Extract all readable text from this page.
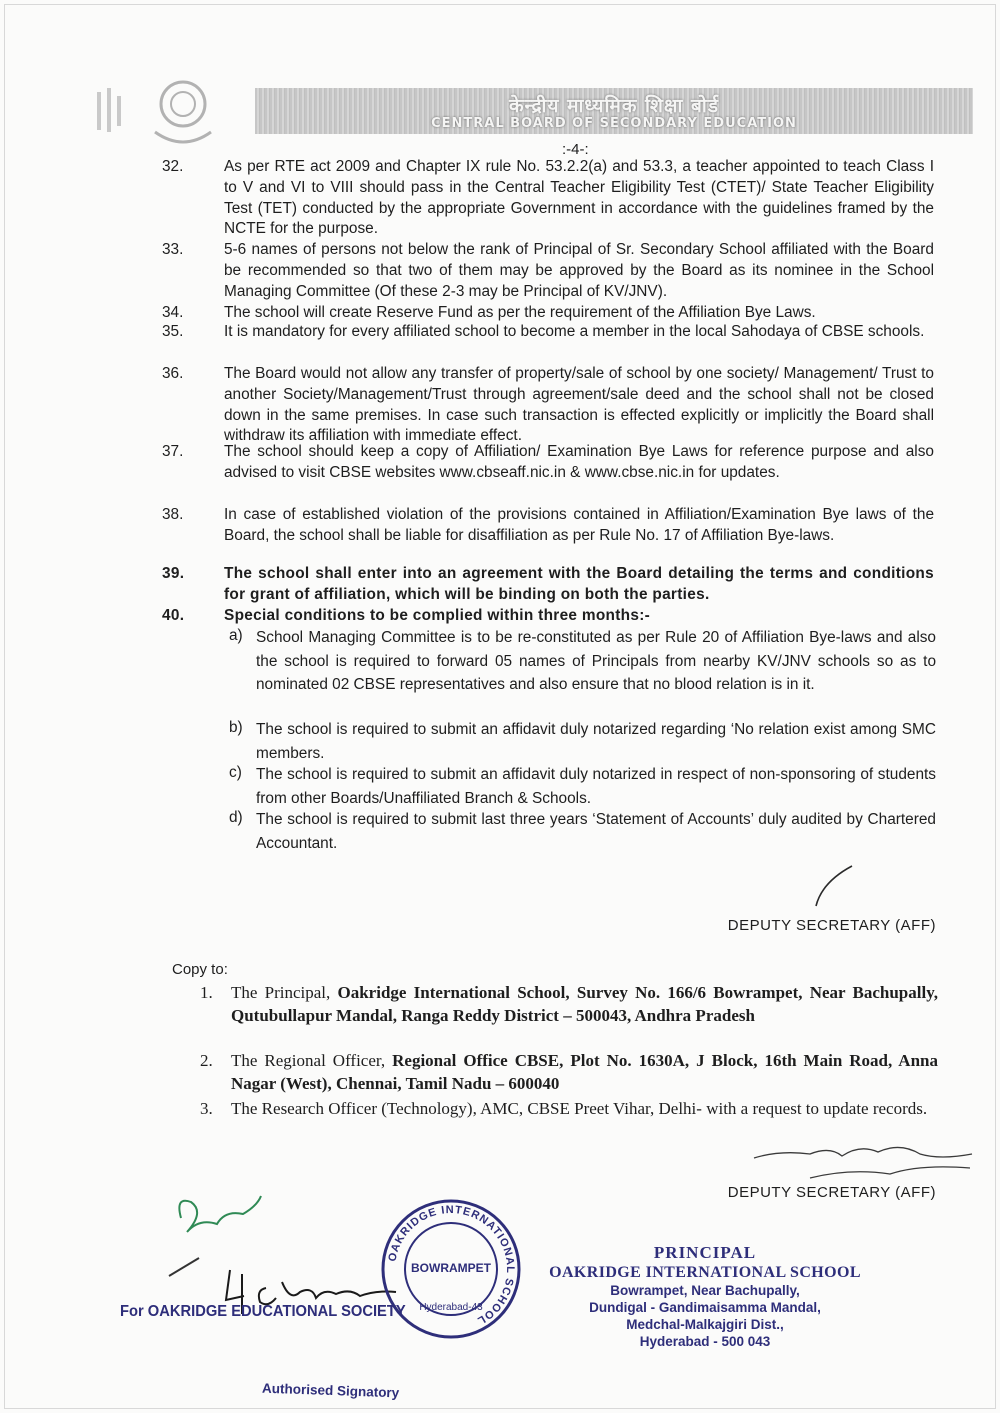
केन्द्रीय माध्यमिक शिक्षा बोर्ड
CENTRAL BOARD OF SECONDARY EDUCATION
:-4-:
32.	As per RTE act 2009 and Chapter IX rule No. 53.2.2(a) and 53.3, a teacher appointed to teach Class I to V and VI to VIII should pass in the Central Teacher Eligibility Test (CTET)/ State Teacher Eligibility Test (TET) conducted by the appropriate Government in accordance with the guidelines framed by the NCTE for the purpose.
33.	5-6 names of persons not below the rank of Principal of Sr. Secondary School affiliated with the Board be recommended so that two of them may be approved by the Board as its nominee in the School Managing Committee (Of these 2-3 may be Principal of KV/JNV).
34.	The school will create Reserve Fund as per the requirement of the Affiliation Bye Laws.
35.	It is mandatory for every affiliated school to become a member in the local Sahodaya of CBSE schools.
36.	The Board would not allow any transfer of property/sale of school by one society/ Management/ Trust to another Society/Management/Trust through agreement/sale deed and the school shall not be closed down in the same premises. In case such transaction is effected explicitly or implicitly the Board shall withdraw its affiliation with immediate effect.
37.	The school should keep a copy of Affiliation/ Examination Bye Laws for reference purpose and also advised to visit CBSE websites www.cbseaff.nic.in & www.cbse.nic.in for updates.
38.	In case of established violation of the provisions contained in Affiliation/Examination Bye laws of the Board, the school shall be liable for disaffiliation as per Rule No. 17 of Affiliation Bye-laws.
39.	The school shall enter into an agreement with the Board detailing the terms and conditions for grant of affiliation, which will be binding on both the parties.
40.	Special conditions to be complied within three months:-
a) School Managing Committee is to be re-constituted as per Rule 20 of Affiliation Bye-laws and also the school is required to forward 05 names of Principals from nearby KV/JNV schools so as to nominated 02 CBSE representatives and also ensure that no blood relation is in it.
b) The school is required to submit an affidavit duly notarized regarding ‘No relation exist among SMC members.
c) The school is required to submit an affidavit duly notarized in respect of non-sponsoring of students from other Boards/Unaffiliated Branch & Schools.
d) The school is required to submit last three years ‘Statement of Accounts’ duly audited by Chartered Accountant.
DEPUTY SECRETARY (AFF)
Copy to:
1.	The Principal, Oakridge International School, Survey No. 166/6 Bowrampet, Near Bachupally, Qutubullapur Mandal, Ranga Reddy District – 500043, Andhra Pradesh
2.	The Regional Officer, Regional Office CBSE, Plot No. 1630A, J Block, 16th Main Road, Anna Nagar (West), Chennai, Tamil Nadu – 600040
3.	The Research Officer (Technology), AMC, CBSE Preet Vihar, Delhi- with a request to update records.
DEPUTY SECRETARY (AFF)
OAKRIDGE INTERNATIONAL SCHOOL
BOWRAMPET
Hyderabad-43
PRINCIPAL
OAKRIDGE INTERNATIONAL SCHOOL
Bowrampet, Near Bachupally,
Dundigal - Gandimaisamma Mandal,
Medchal-Malkajgiri Dist.,
Hyderabad - 500 043
For OAKRIDGE EDUCATIONAL SOCIETY
Authorised Signatory
